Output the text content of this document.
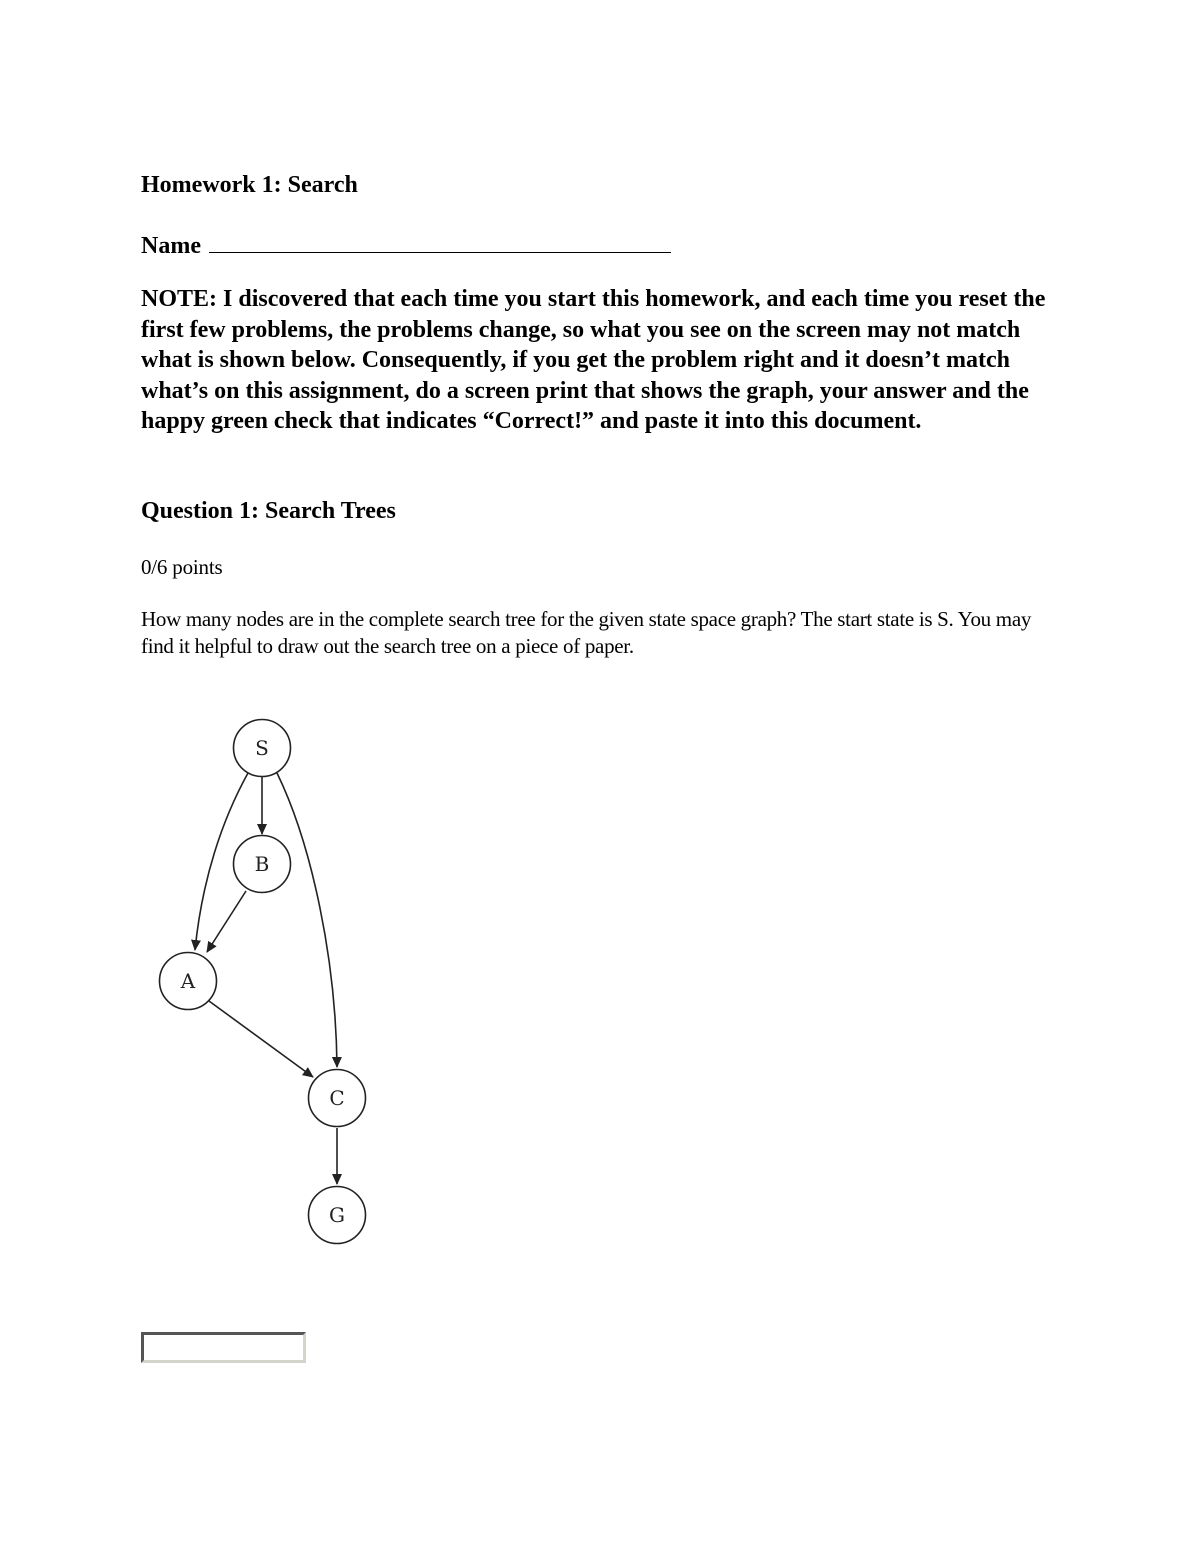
Homework 1: Search
Name
NOTE: I discovered that each time you start this homework, and each time you reset the first few problems, the problems change, so what you see on the screen may not match what is shown below. Consequently, if you get the problem right and it doesn’t match what’s on this assignment, do a screen print that shows the graph, your answer and the happy green check that indicates “Correct!” and paste it into this document.
Question 1: Search Trees
0/6 points
How many nodes are in the complete search tree for the given state space graph? The start state is S. You may find it helpful to draw out the search tree on a piece of paper.
S
B
A
C
G
